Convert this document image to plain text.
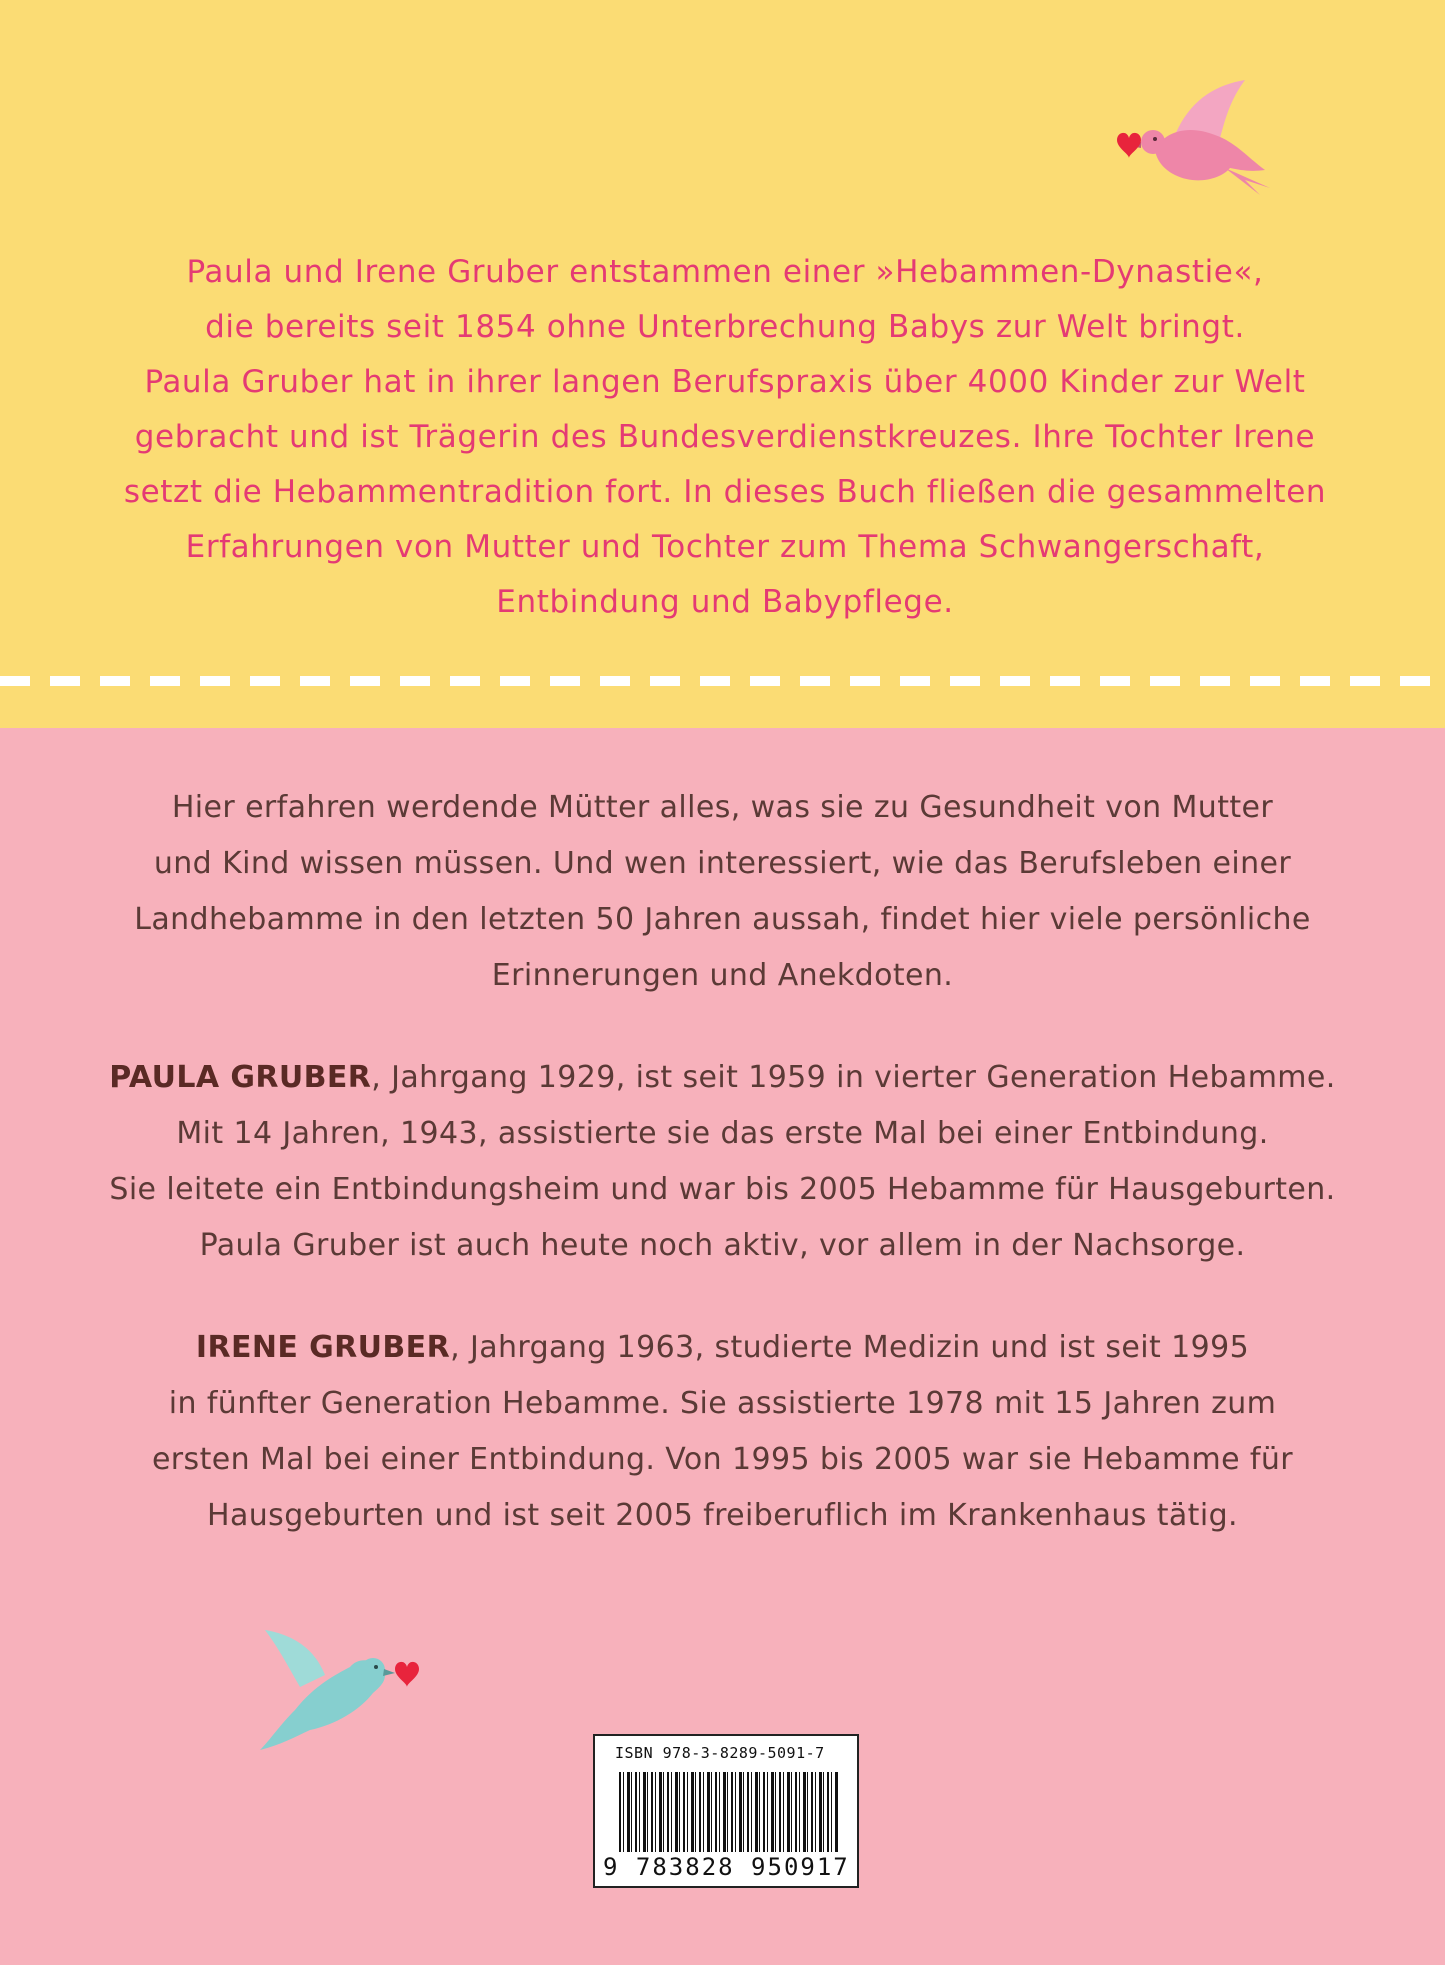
Paula und Irene Gruber entstammen einer »Hebammen-Dynastie«,
die bereits seit 1854 ohne Unterbrechung Babys zur Welt bringt.
Paula Gruber hat in ihrer langen Berufspraxis über 4000 Kinder zur Welt
gebracht und ist Trägerin des Bundesverdienstkreuzes. Ihre Tochter Irene
setzt die Hebammentradition fort. In dieses Buch fließen die gesammelten
Erfahrungen von Mutter und Tochter zum Thema Schwangerschaft,
Entbindung und Babypflege.

Hier erfahren werdende Mütter alles, was sie zu Gesundheit von Mutter

und Kind wissen müssen. Und wen interessiert, wie das Berufsleben einer

Landhebamme in den letzten 50 Jahren aussah, findet hier viele persönliche

Erinnerungen und Anekdoten.

PAULA GRUBER, Jahrgang 1929, ist seit 1959 in vierter Generation Hebamme.

Mit 14 Jahren, 1943, assistierte sie das erste Mal bei einer Entbindung.

Sie leitete ein Entbindungsheim und war bis 2005 Hebamme für Hausgeburten.

Paula Gruber ist auch heute noch aktiv, vor allem in der Nachsorge.

IRENE GRUBER, Jahrgang 1963, studierte Medizin und ist seit 1995

in fünfter Generation Hebamme. Sie assistierte 1978 mit 15 Jahren zum

ersten Mal bei einer Entbindung. Von 1995 bis 2005 war sie Hebamme für

Hausgeburten und ist seit 2005 freiberuflich im Krankenhaus tätig.

ISBN 978-3-8289-5091-7
9 783828 950917
